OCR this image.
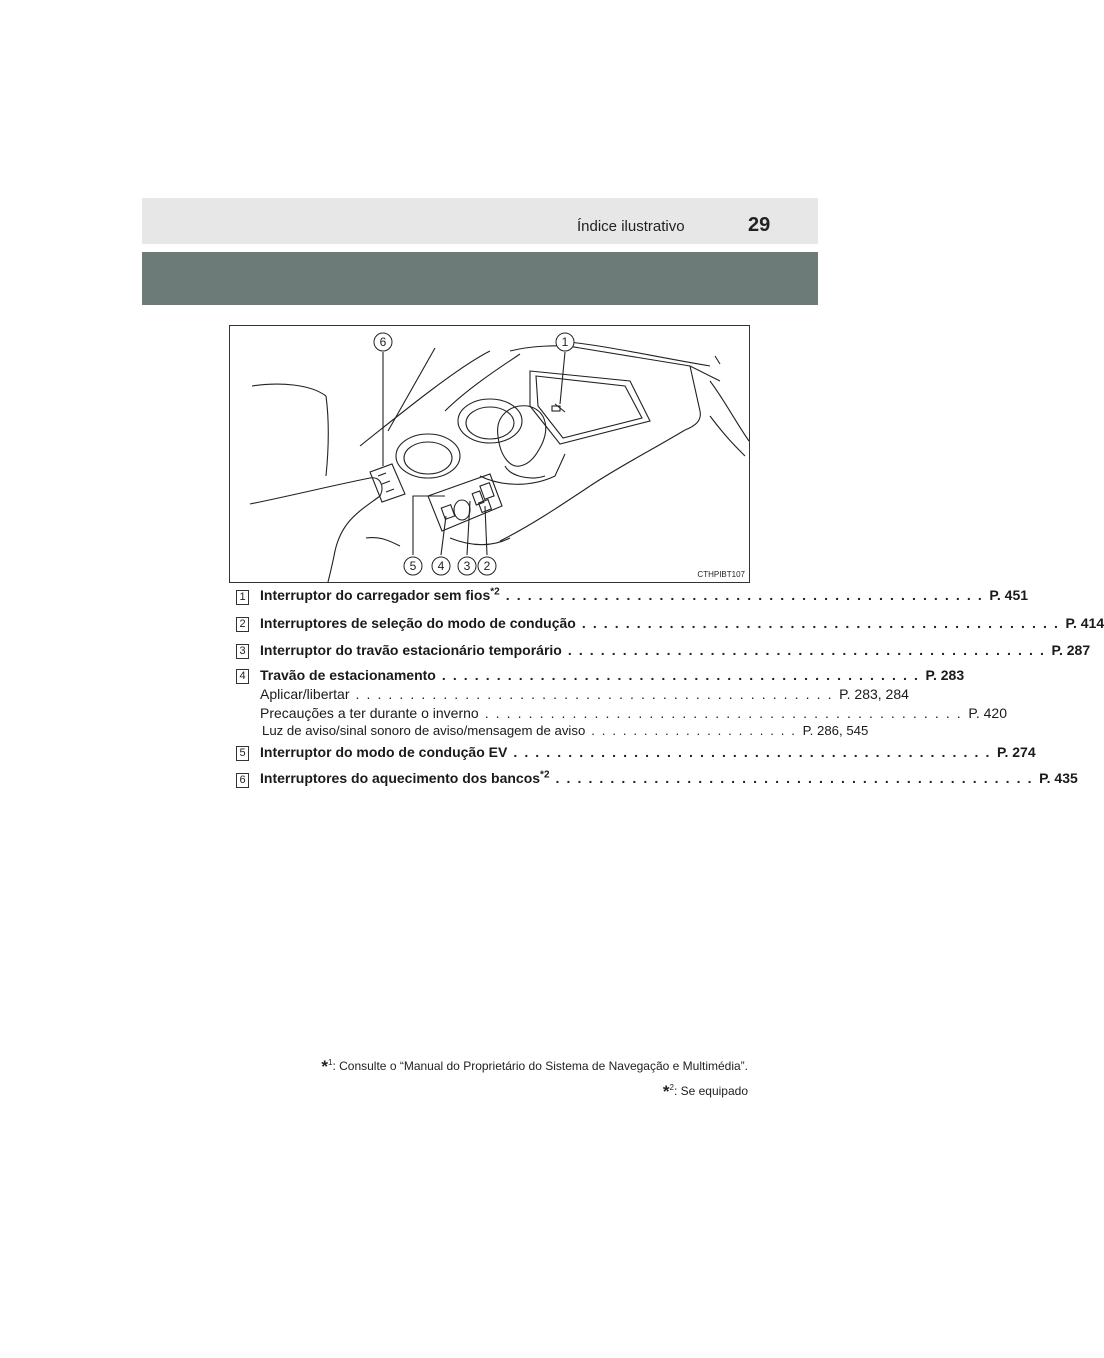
Índice ilustrativo	29
6	1
5 4 3 2
CTHPIBT107
1 Interruptor do carregador sem fios$^{*2}$ . . . . . . . . . . . . . . . . . . . . . . . . . . . . . . . . . . . . . . . . . . . . P. 451
2 Interruptores de seleção do modo de condução . . . . . . . . . . . . . . . . . . . . . . . . . . . . . . . . . . . . . . . . . . . . P. 414
3 Interruptor do travão estacionário temporário . . . . . . . . . . . . . . . . . . . . . . . . . . . . . . . . . . . . . . . . . . . . P. 287
4 Travão de estacionamento . . . . . . . . . . . . . . . . . . . . . . . . . . . . . . . . . . . . . . . . . . . . P. 283
Aplicar/libertar . . . . . . . . . . . . . . . . . . . . . . . . . . . . . . . . . . . . . . . . . . . . P. 283, 284
Precauções a ter durante o inverno . . . . . . . . . . . . . . . . . . . . . . . . . . . . . . . . . . . . . . . . . . . . P. 420
Luz de aviso/sinal sonoro de aviso/mensagem de aviso . . . . . . . . . . . . . . . . . . . . P. 286, 545
5 Interruptor do modo de condução EV . . . . . . . . . . . . . . . . . . . . . . . . . . . . . . . . . . . . . . . . . . . . P. 274
6 Interruptores do aquecimento dos bancos$^{*2}$ . . . . . . . . . . . . . . . . . . . . . . . . . . . . . . . . . . . . . . . . . . . . P. 435
*$^1$: Consulte o “Manual do Proprietário do Sistema de Navegação e Multimédia”.
*$^2$: Se equipado
